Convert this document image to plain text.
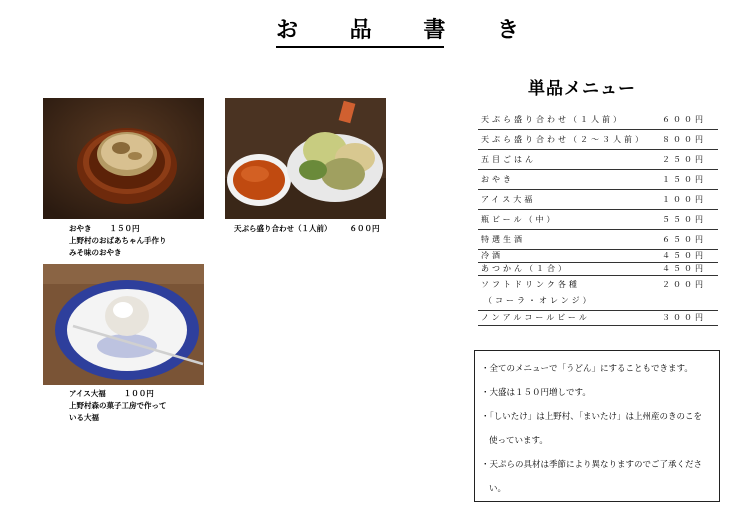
お 品 書 き
おやき １５０円
上野村のおばあちゃん手作り
みそ味のおやき
天ぷら盛り合わせ（１人前） ６００円
アイス大福 １００円
上野村森の菓子工房で作って
いる大福
単品メニュー
天ぷら盛り合わせ（１人前）	６００円
天ぷら盛り合わせ（２～３人前） ８００円
五目ごはん	２５０円
おやき	１５０円
アイス大福	１００円
瓶ビール（中）	５５０円
特選生酒	６５０円
冷酒	４５０円
あつかん（１合）	４５０円
ソフトドリンク各種	２００円
（コーラ・オレンジ）
ノンアルコールビール	３００円
・全てのメニューで「うどん」にすることもできます。
・大盛は１５０円増しです。
・「しいたけ」は上野村、「まいたけ」は上州産のきのこを
使っています。
・天ぷらの具材は季節により異なりますのでご了承くださ
い。
